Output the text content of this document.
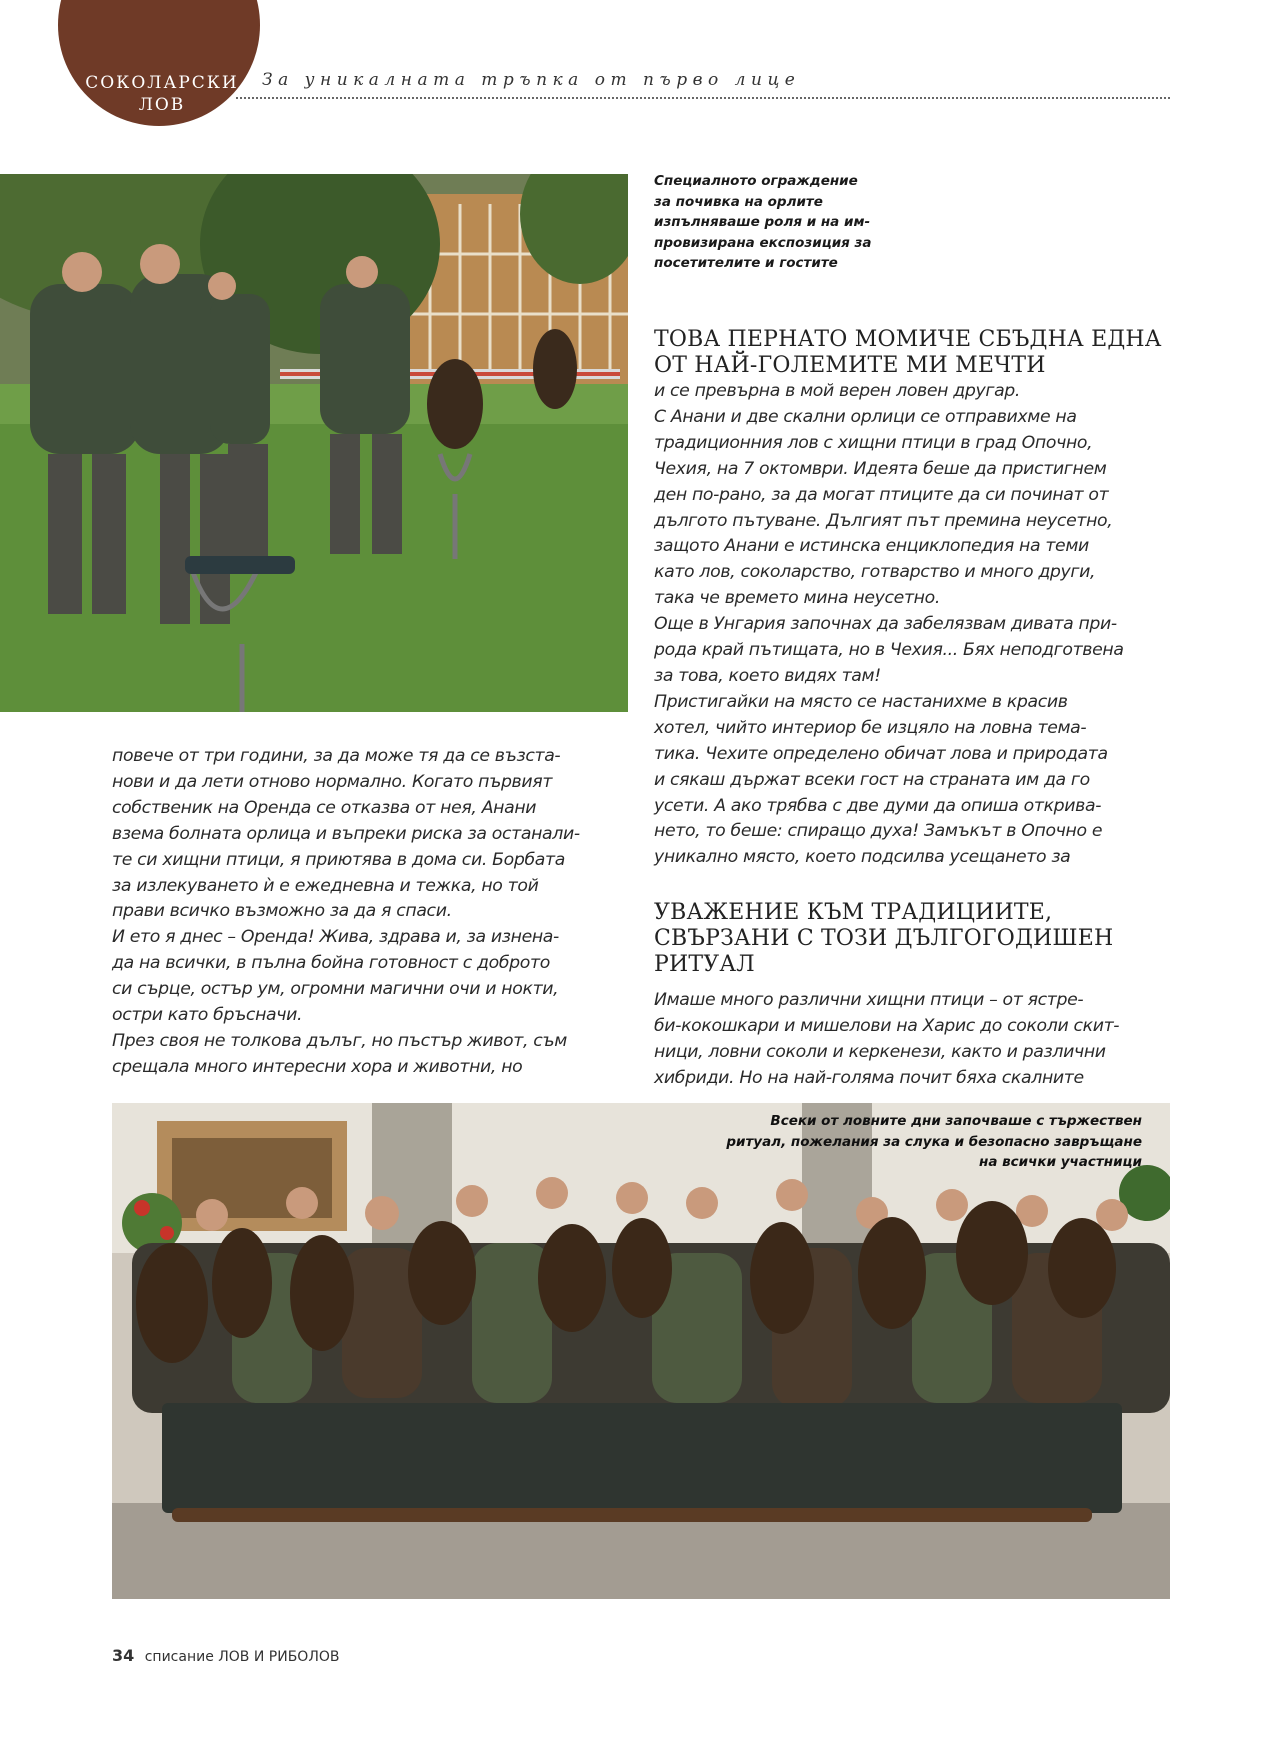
СОКОЛАРСКИ
ЛОВ
За уникалната тръпка от първо лице
Специалното ограждение
за почивка на орлите
изпълняваше роля и на им-
провизирана експозиция за
посетителите и гостите

ТОВА ПЕРНАТО МОМИЧЕ СБЪДНА ЕДНА

ОТ НАЙ-ГОЛЕМИТЕ МИ МЕЧТИ

и се превърна в мой верен ловен другар.

С Анани и две скални орлици се отправихме на

традиционния лов с хищни птици в град Опочно,

Чехия, на 7 октомври. Идеята беше да пристигнем

ден по-рано, за да могат птиците да си починат от

дългото пътуване. Дългият път премина неусетно,

защото Анани е истинска енциклопедия на теми

като лов, соколарство, готварство и много други,

така че времето мина неусетно.

Още в Унгария започнах да забелязвам дивата при-

рода край пътищата, но в Чехия... Бях неподготвена

за това, което видях там!

Пристигайки на място се настанихме в красив

хотел, чийто интериор бе изцяло на ловна тема-

тика. Чехите определено обичат лова и природата

и сякаш държат всеки гост на страната им да го

усети. А ако трябва с две думи да опиша открива-

нето, то беше: спиращо духа! Замъкът в Опочно е

уникално място, което подсилва усещането за

повече от три години, за да може тя да се възста-

нови и да лети отново нормално. Когато първият

собственик на Оренда се отказва от нея, Анани

взема болната орлица и въпреки риска за останали-

те си хищни птици, я приютява в дома си. Борбата

за излекуването ѝ е ежедневна и тежка, но той

прави всичко възможно за да я спаси.

И ето я днес – Оренда! Жива, здрава и, за изнена-

да на всички, в пълна бойна готовност с доброто

си сърце, остър ум, огромни магични очи и нокти,

остри като бръсначи.

През своя не толкова дълъг, но пъстър живот, съм

срещала много интересни хора и животни, но

УВАЖЕНИЕ КЪМ ТРАДИЦИИТЕ,

СВЪРЗАНИ С ТОЗИ ДЪЛГОГОДИШЕН

РИТУАЛ

Имаше много различни хищни птици – от ястре-

би-кокошкари и мишелови на Харис до соколи скит-

ници, ловни соколи и керкенези, както и различни

хибриди. Но на най-голяма почит бяха скалните

Всеки от ловните дни започваше с тържествен
ритуал, пожелания за слука и безопасно завръщане
на всички участници
34 списание ЛОВ И РИБОЛОВ
